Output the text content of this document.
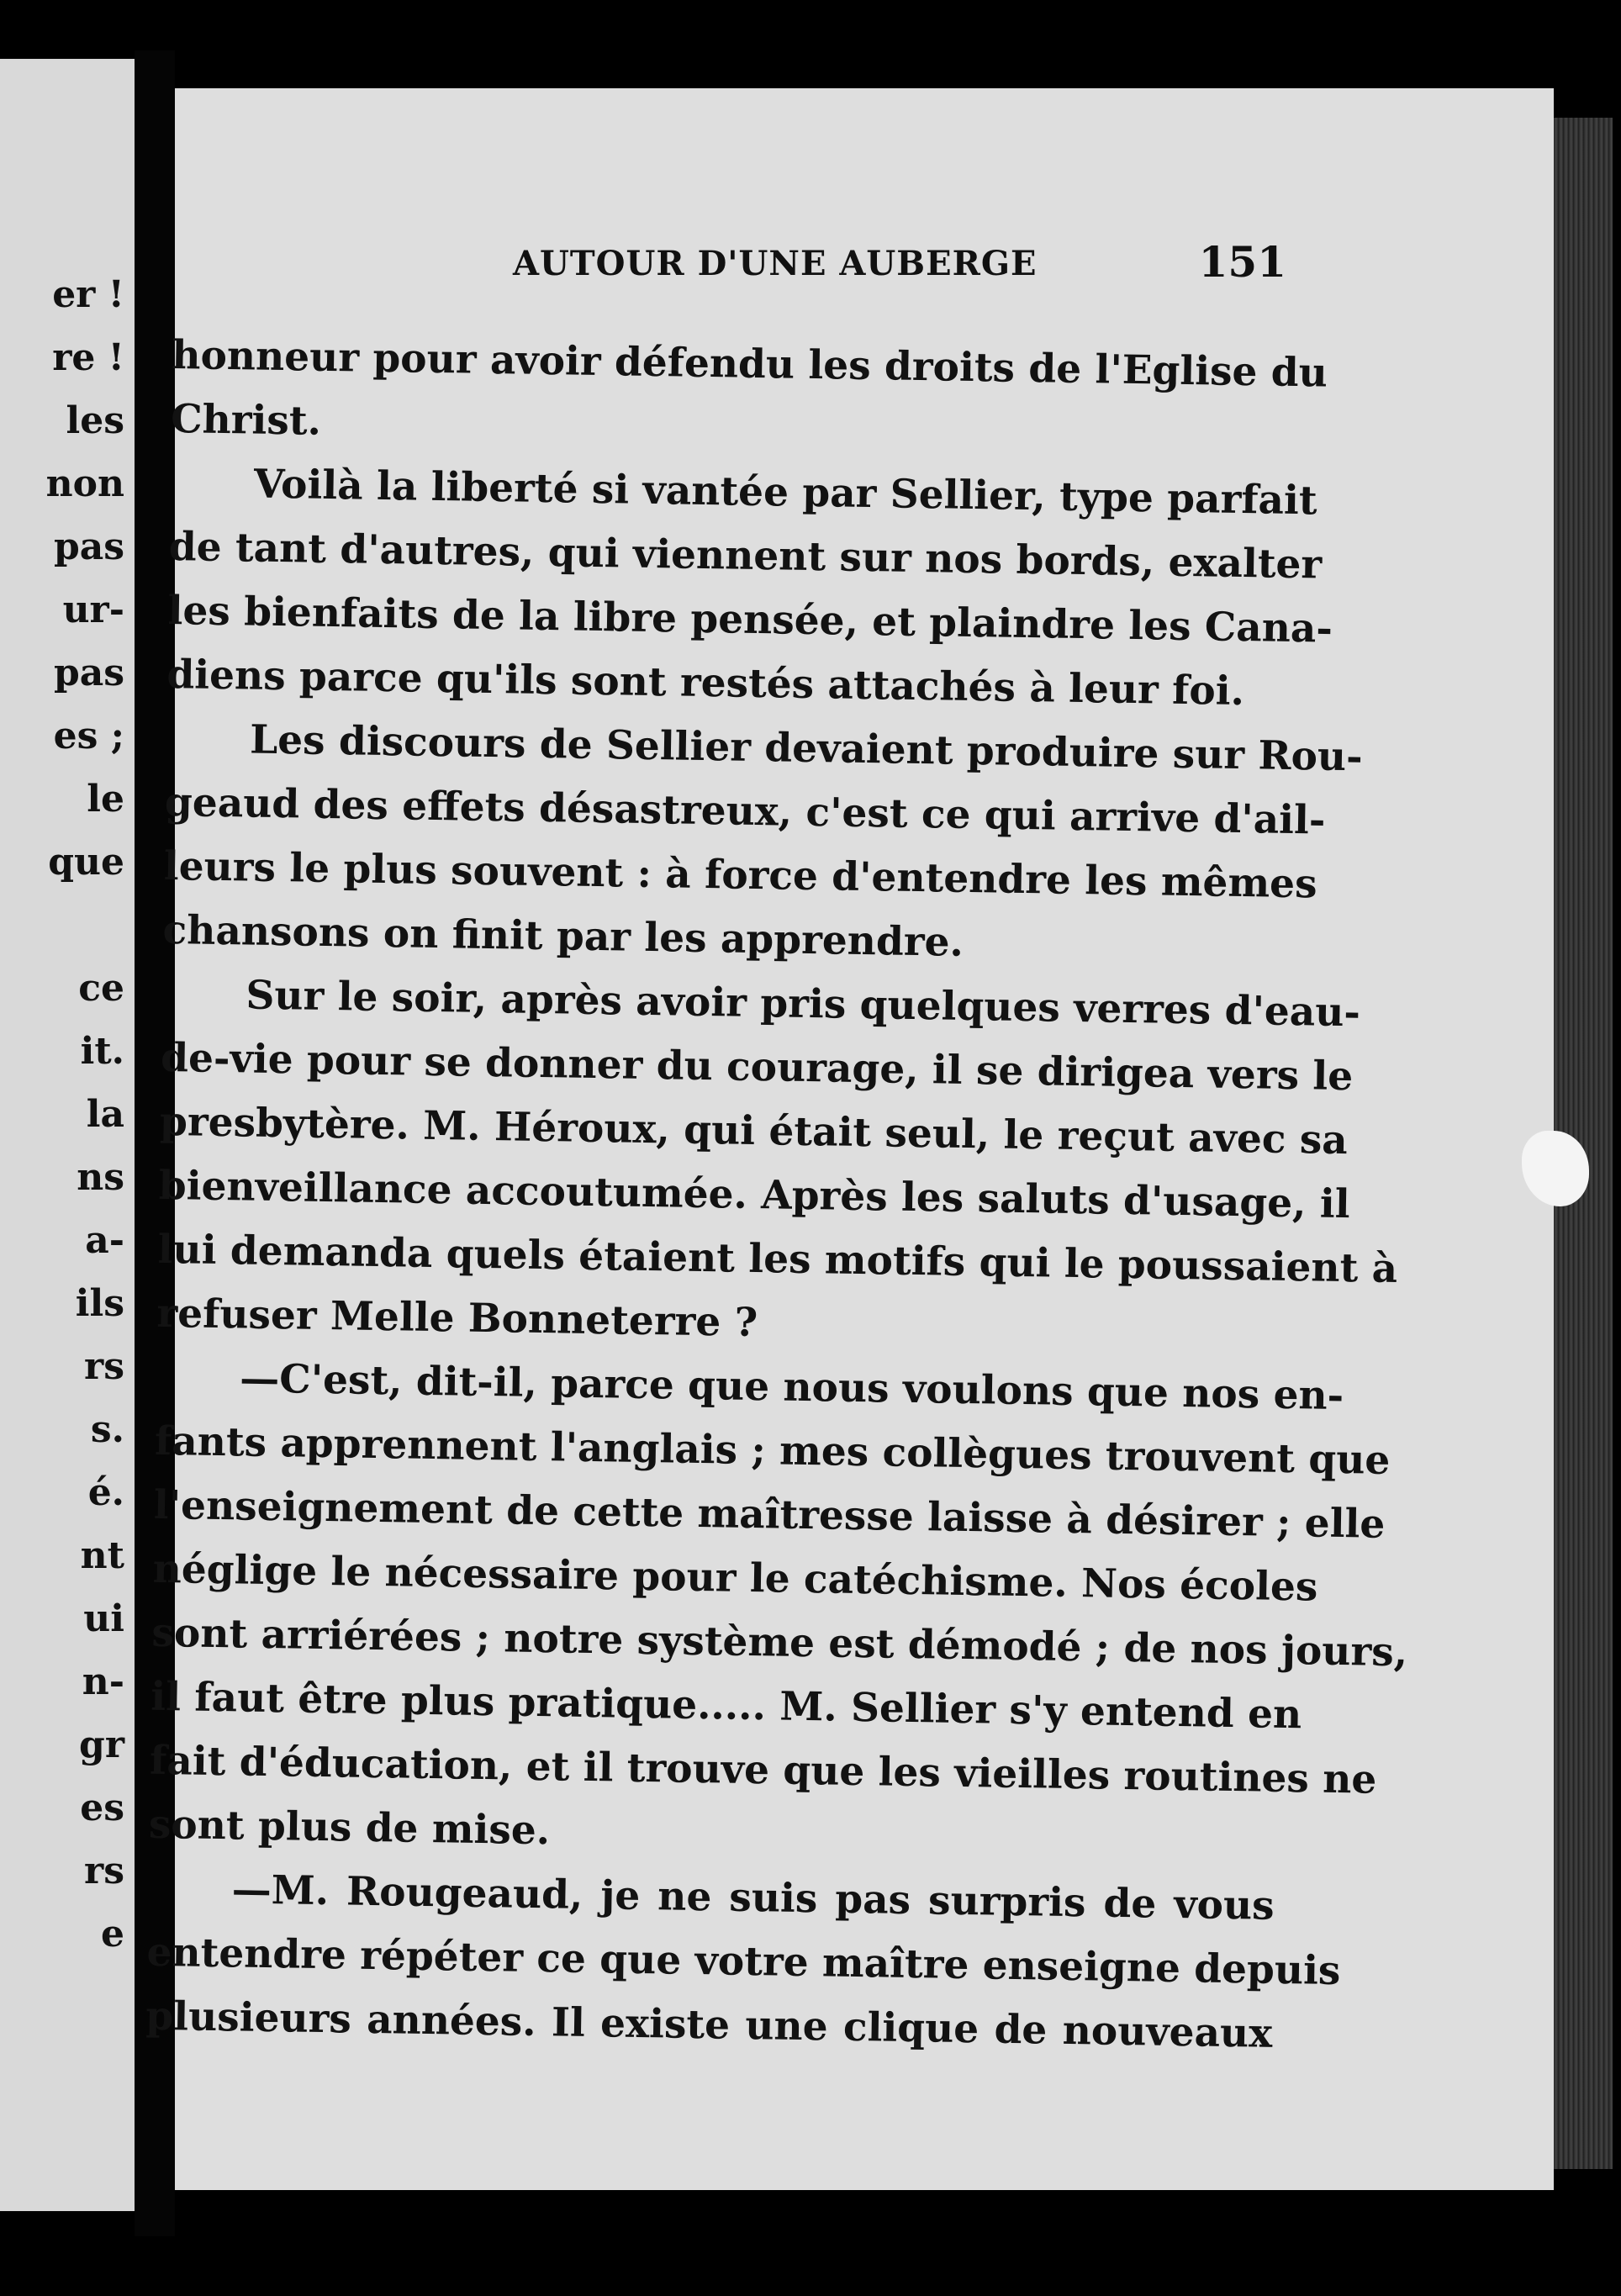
er !
re !
les
non
pas
ur-
pas
es ;
le
que
ce
it.
la
ns
a-
ils
rs
s.
é.
nt
ui
n-
gr
es
rs
e
AUTOUR D'UNE AUBERGE	151
honneur pour avoir défendu les droits de l'Eglise du
Christ.
Voilà la liberté si vantée par Sellier, type parfait
de tant d'autres, qui viennent sur nos bords, exalter
les bienfaits de la libre pensée, et plaindre les Cana-
diens parce qu'ils sont restés attachés à leur foi.
Les discours de Sellier devaient produire sur Rou-
geaud des effets désastreux, c'est ce qui arrive d'ail-
leurs le plus souvent : à force d'entendre les mêmes
chansons on finit par les apprendre.
Sur le soir, après avoir pris quelques verres d'eau-
de-vie pour se donner du courage, il se dirigea vers le
presbytère. M. Héroux, qui était seul, le reçut avec sa
bienveillance accoutumée. Après les saluts d'usage, il
lui demanda quels étaient les motifs qui le poussaient à
refuser Melle Bonneterre ?
—C'est, dit-il, parce que nous voulons que nos en-
fants apprennent l'anglais ; mes collègues trouvent que
l'enseignement de cette maîtresse laisse à désirer ; elle
néglige le nécessaire pour le catéchisme. Nos écoles
sont arriérées ; notre système est démodé ; de nos jours,
il faut être plus pratique..... M. Sellier s'y entend en
fait d'éducation, et il trouve que les vieilles routines ne
sont plus de mise.
—M. Rougeaud, je ne suis pas surpris de vous
entendre répéter ce que votre maître enseigne depuis
plusieurs années. Il existe une clique de nouveaux
